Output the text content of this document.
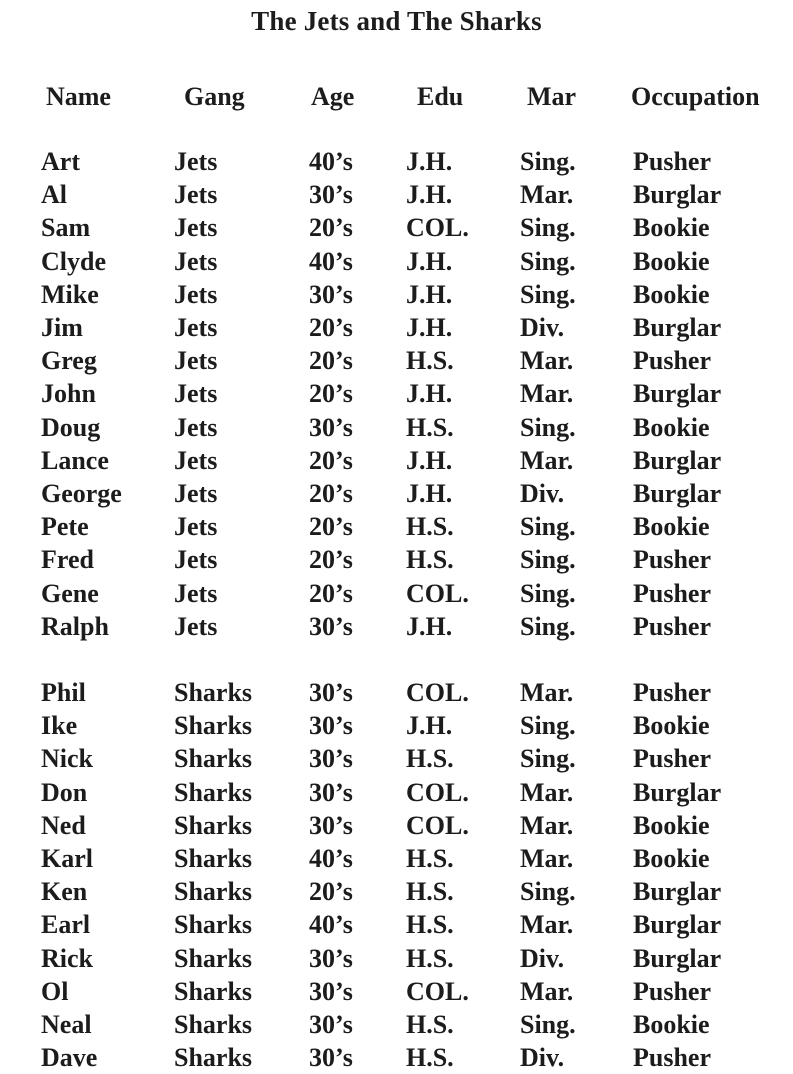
The Jets and The Sharks
Name	Gang	Age Edu Mar Occupation
Art	Jets	40’s J.H.	Sing. Pusher
Al	Jets	30’s J.H.	Mar. Burglar
Sam	Jets	20’s COL. Sing. Bookie
Clyde	Jets	40’s J.H.	Sing. Bookie
Mike	Jets	30’s J.H.	Sing. Bookie
Jim	Jets	20’s J.H.	Div.	Burglar
Greg	Jets	20’s H.S.	Mar. Pusher
John	Jets	20’s J.H.	Mar. Burglar
Doug	Jets	30’s H.S.	Sing. Bookie
Lance	Jets	20’s J.H.	Mar. Burglar
George Jets	20’s J.H.	Div.	Burglar
Pete	Jets	20’s H.S.	Sing. Bookie
Fred	Jets	20’s H.S.	Sing. Pusher
Gene	Jets	20’s COL. Sing. Pusher
Ralph	Jets	30’s J.H.	Sing. Pusher
Phil	Sharks 30’s COL. Mar. Pusher
Ike	Sharks 30’s J.H.	Sing. Bookie
Nick	Sharks 30’s H.S.	Sing. Pusher
Don	Sharks 30’s COL. Mar. Burglar
Ned	Sharks 30’s COL. Mar. Bookie
Karl	Sharks 40’s H.S.	Mar. Bookie
Ken	Sharks 20’s H.S.	Sing. Burglar
Earl	Sharks 40’s H.S.	Mar. Burglar
Rick	Sharks 30’s H.S.	Div.	Burglar
Ol	Sharks 30’s COL. Mar. Pusher
Neal	Sharks 30’s H.S.	Sing. Bookie
Dave	Sharks 30’s H.S.	Div.	Pusher
